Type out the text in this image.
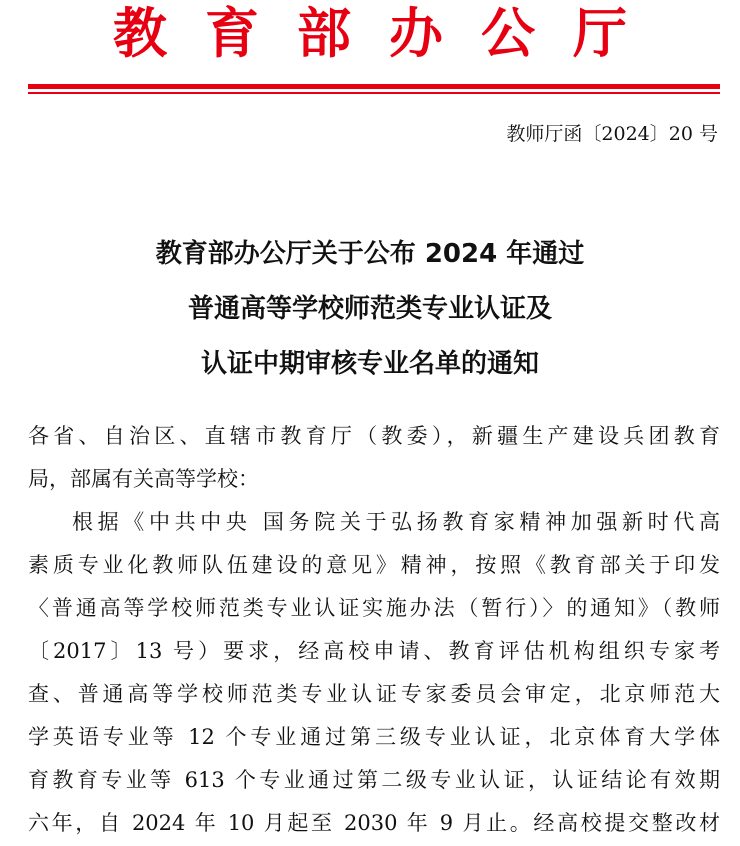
教育部办公厅
教师厅函〔2024〕20 号
教育部办公厅关于公布 2024 年通过
普通高等学校师范类专业认证及
认证中期审核专业名单的通知
各省、自治区、直辖市教育厅（教委），新疆生产建设兵团教育
局，部属有关高等学校：
根据《中共中央 国务院关于弘扬教育家精神加强新时代高
素质专业化教师队伍建设的意见》精神，按照《教育部关于印发
〈普通高等学校师范类专业认证实施办法（暂行）〉的通知》（教师
〔2017〕13 号）要求，经高校申请、教育评估机构组织专家考
查、普通高等学校师范类专业认证专家委员会审定，北京师范大
学英语专业等 12 个专业通过第三级专业认证，北京体育大学体
育教育专业等 613 个专业通过第二级专业认证，认证结论有效期
六年，自 2024 年 10 月起至 2030 年 9 月止。经高校提交整改材
